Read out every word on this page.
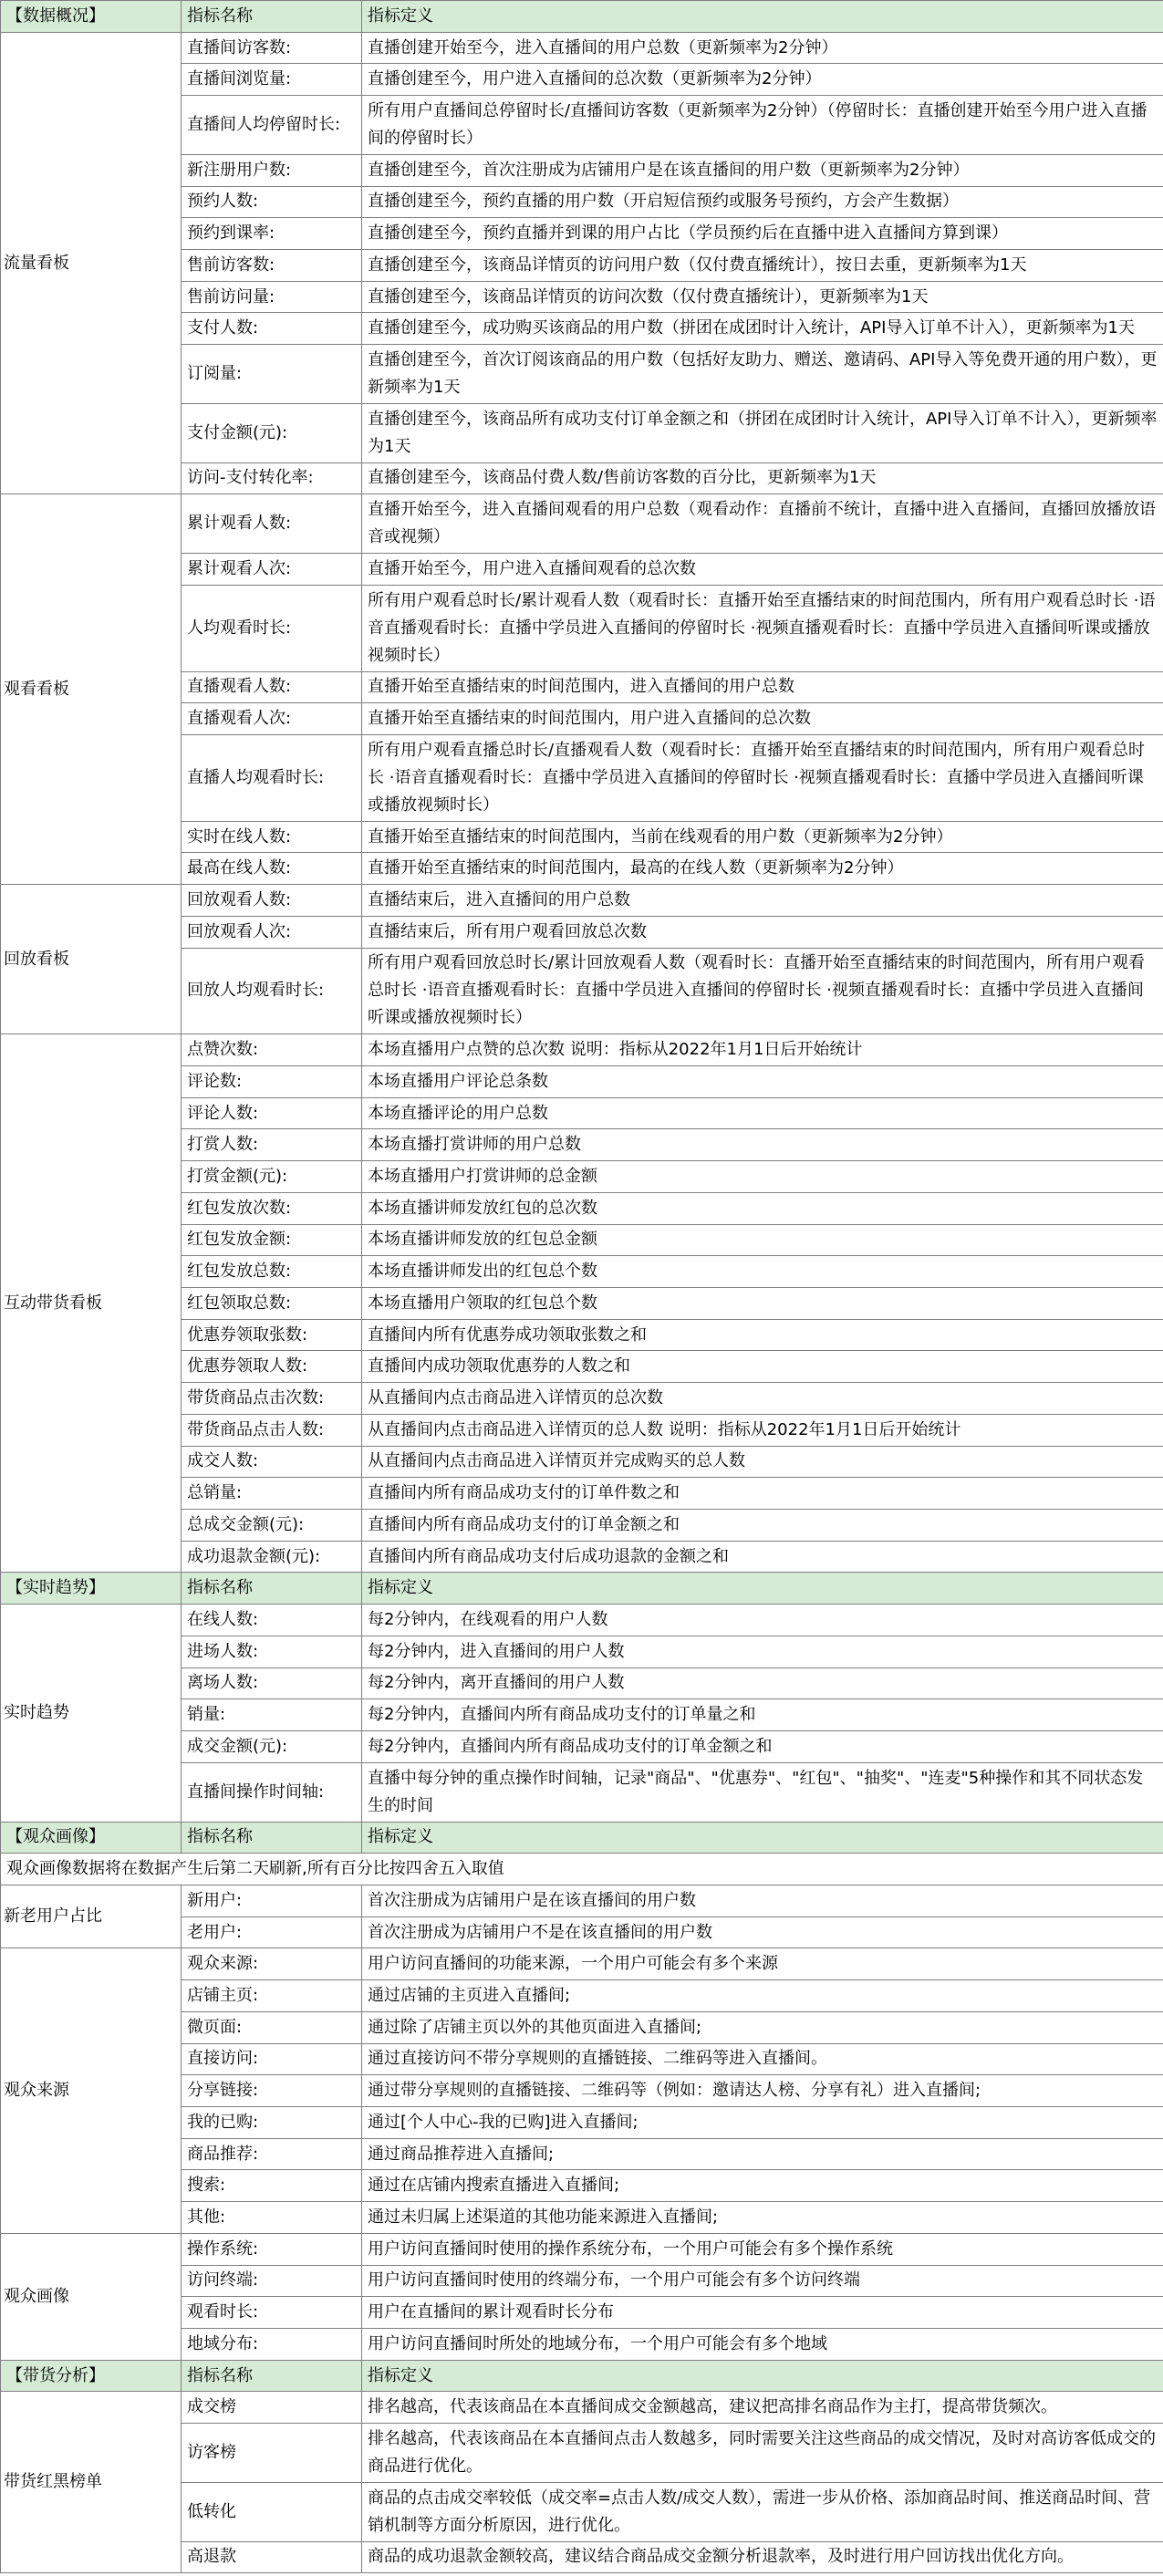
【数据概况】	指标名称	指标定义
流量看板	直播间访客数:	直播创建开始至今，进入直播间的用户总数（更新频率为2分钟）
	直播间浏览量:	直播创建至今，用户进入直播间的总次数（更新频率为2分钟）
	直播间人均停留时长:	所有用户直播间总停留时长/直播间访客数（更新频率为2分钟）（停留时长：直播创建开始至今用户进入直播间的停留时长）
	新注册用户数:	直播创建至今，首次注册成为店铺用户是在该直播间的用户数（更新频率为2分钟）
	预约人数:	直播创建至今，预约直播的用户数（开启短信预约或服务号预约，方会产生数据）
	预约到课率:	直播创建至今，预约直播并到课的用户占比（学员预约后在直播中进入直播间方算到课）
	售前访客数:	直播创建至今，该商品详情页的访问用户数（仅付费直播统计），按日去重，更新频率为1天
	售前访问量:	直播创建至今，该商品详情页的访问次数（仅付费直播统计），更新频率为1天
	支付人数:	直播创建至今，成功购买该商品的用户数（拼团在成团时计入统计，API导入订单不计入），更新频率为1天
	订阅量:	直播创建至今，首次订阅该商品的用户数（包括好友助力、赠送、邀请码、API导入等免费开通的用户数），更新频率为1天
	支付金额(元):	直播创建至今，该商品所有成功支付订单金额之和（拼团在成团时计入统计，API导入订单不计入），更新频率为1天
	访问-支付转化率:	直播创建至今，该商品付费人数/售前访客数的百分比，更新频率为1天
观看看板	累计观看人数:	直播开始至今，进入直播间观看的用户总数（观看动作：直播前不统计，直播中进入直播间，直播回放播放语音或视频）
	累计观看人次:	直播开始至今，用户进入直播间观看的总次数
	人均观看时长:	所有用户观看总时长/累计观看人数（观看时长：直播开始至直播结束的时间范围内，所有用户观看总时长 ·语音直播观看时长：直播中学员进入直播间的停留时长 ·视频直播观看时长：直播中学员进入直播间听课或播放视频时长）
	直播观看人数:	直播开始至直播结束的时间范围内，进入直播间的用户总数
	直播观看人次:	直播开始至直播结束的时间范围内，用户进入直播间的总次数
	直播人均观看时长:	所有用户观看直播总时长/直播观看人数（观看时长：直播开始至直播结束的时间范围内，所有用户观看总时长 ·语音直播观看时长：直播中学员进入直播间的停留时长 ·视频直播观看时长：直播中学员进入直播间听课或播放视频时长）
	实时在线人数:	直播开始至直播结束的时间范围内，当前在线观看的用户数（更新频率为2分钟）
	最高在线人数:	直播开始至直播结束的时间范围内，最高的在线人数（更新频率为2分钟）
回放看板	回放观看人数:	直播结束后，进入直播间的用户总数
	回放观看人次:	直播结束后，所有用户观看回放总次数
	回放人均观看时长:	所有用户观看回放总时长/累计回放观看人数（观看时长：直播开始至直播结束的时间范围内，所有用户观看总时长 ·语音直播观看时长：直播中学员进入直播间的停留时长 ·视频直播观看时长：直播中学员进入直播间听课或播放视频时长）
互动带货看板	点赞次数:	本场直播用户点赞的总次数 说明：指标从2022年1月1日后开始统计
	评论数:	本场直播用户评论总条数
	评论人数:	本场直播评论的用户总数
	打赏人数:	本场直播打赏讲师的用户总数
	打赏金额(元):	本场直播用户打赏讲师的总金额
	红包发放次数:	本场直播讲师发放红包的总次数
	红包发放金额:	本场直播讲师发放的红包总金额
	红包发放总数:	本场直播讲师发出的红包总个数
	红包领取总数:	本场直播用户领取的红包总个数
	优惠券领取张数:	直播间内所有优惠券成功领取张数之和
	优惠券领取人数:	直播间内成功领取优惠券的人数之和
	带货商品点击次数:	从直播间内点击商品进入详情页的总次数
	带货商品点击人数:	从直播间内点击商品进入详情页的总人数 说明：指标从2022年1月1日后开始统计
	成交人数:	从直播间内点击商品进入详情页并完成购买的总人数
	总销量:	直播间内所有商品成功支付的订单件数之和
	总成交金额(元):	直播间内所有商品成功支付的订单金额之和
	成功退款金额(元):	直播间内所有商品成功支付后成功退款的金额之和
【实时趋势】	指标名称	指标定义
实时趋势	在线人数:	每2分钟内，在线观看的用户人数
	进场人数:	每2分钟内，进入直播间的用户人数
	离场人数:	每2分钟内，离开直播间的用户人数
	销量:	每2分钟内，直播间内所有商品成功支付的订单量之和
	成交金额(元):	每2分钟内，直播间内所有商品成功支付的订单金额之和
	直播间操作时间轴:	直播中每分钟的重点操作时间轴，记录"商品"、"优惠券"、"红包"、"抽奖"、"连麦"5种操作和其不同状态发生的时间
【观众画像】	指标名称	指标定义
观众画像数据将在数据产生后第二天刷新,所有百分比按四舍五入取值		
新老用户占比	新用户:	首次注册成为店铺用户是在该直播间的用户数
	老用户:	首次注册成为店铺用户不是在该直播间的用户数
观众来源	观众来源:	用户访问直播间的功能来源，一个用户可能会有多个来源
	店铺主页:	通过店铺的主页进入直播间;
	微页面:	通过除了店铺主页以外的其他页面进入直播间;
	直接访问:	通过直接访问不带分享规则的直播链接、二维码等进入直播间。
	分享链接:	通过带分享规则的直播链接、二维码等（例如：邀请达人榜、分享有礼）进入直播间;
	我的已购:	通过[个人中心-我的已购]进入直播间;
	商品推荐:	通过商品推荐进入直播间;
	搜索:	通过在店铺内搜索直播进入直播间;
	其他:	通过未归属上述渠道的其他功能来源进入直播间;
观众画像	操作系统:	用户访问直播间时使用的操作系统分布，一个用户可能会有多个操作系统
	访问终端:	用户访问直播间时使用的终端分布，一个用户可能会有多个访问终端
	观看时长:	用户在直播间的累计观看时长分布
	地域分布:	用户访问直播间时所处的地域分布，一个用户可能会有多个地域
【带货分析】	指标名称	指标定义
带货红黑榜单	成交榜	排名越高，代表该商品在本直播间成交金额越高，建议把高排名商品作为主打，提高带货频次。
	访客榜	排名越高，代表该商品在本直播间点击人数越多，同时需要关注这些商品的成交情况，及时对高访客低成交的商品进行优化。
	低转化	商品的点击成交率较低（成交率=点击人数/成交人数），需进一步从价格、添加商品时间、推送商品时间、营销机制等方面分析原因，进行优化。
	高退款	商品的成功退款金额较高，建议结合商品成交金额分析退款率，及时进行用户回访找出优化方向。
